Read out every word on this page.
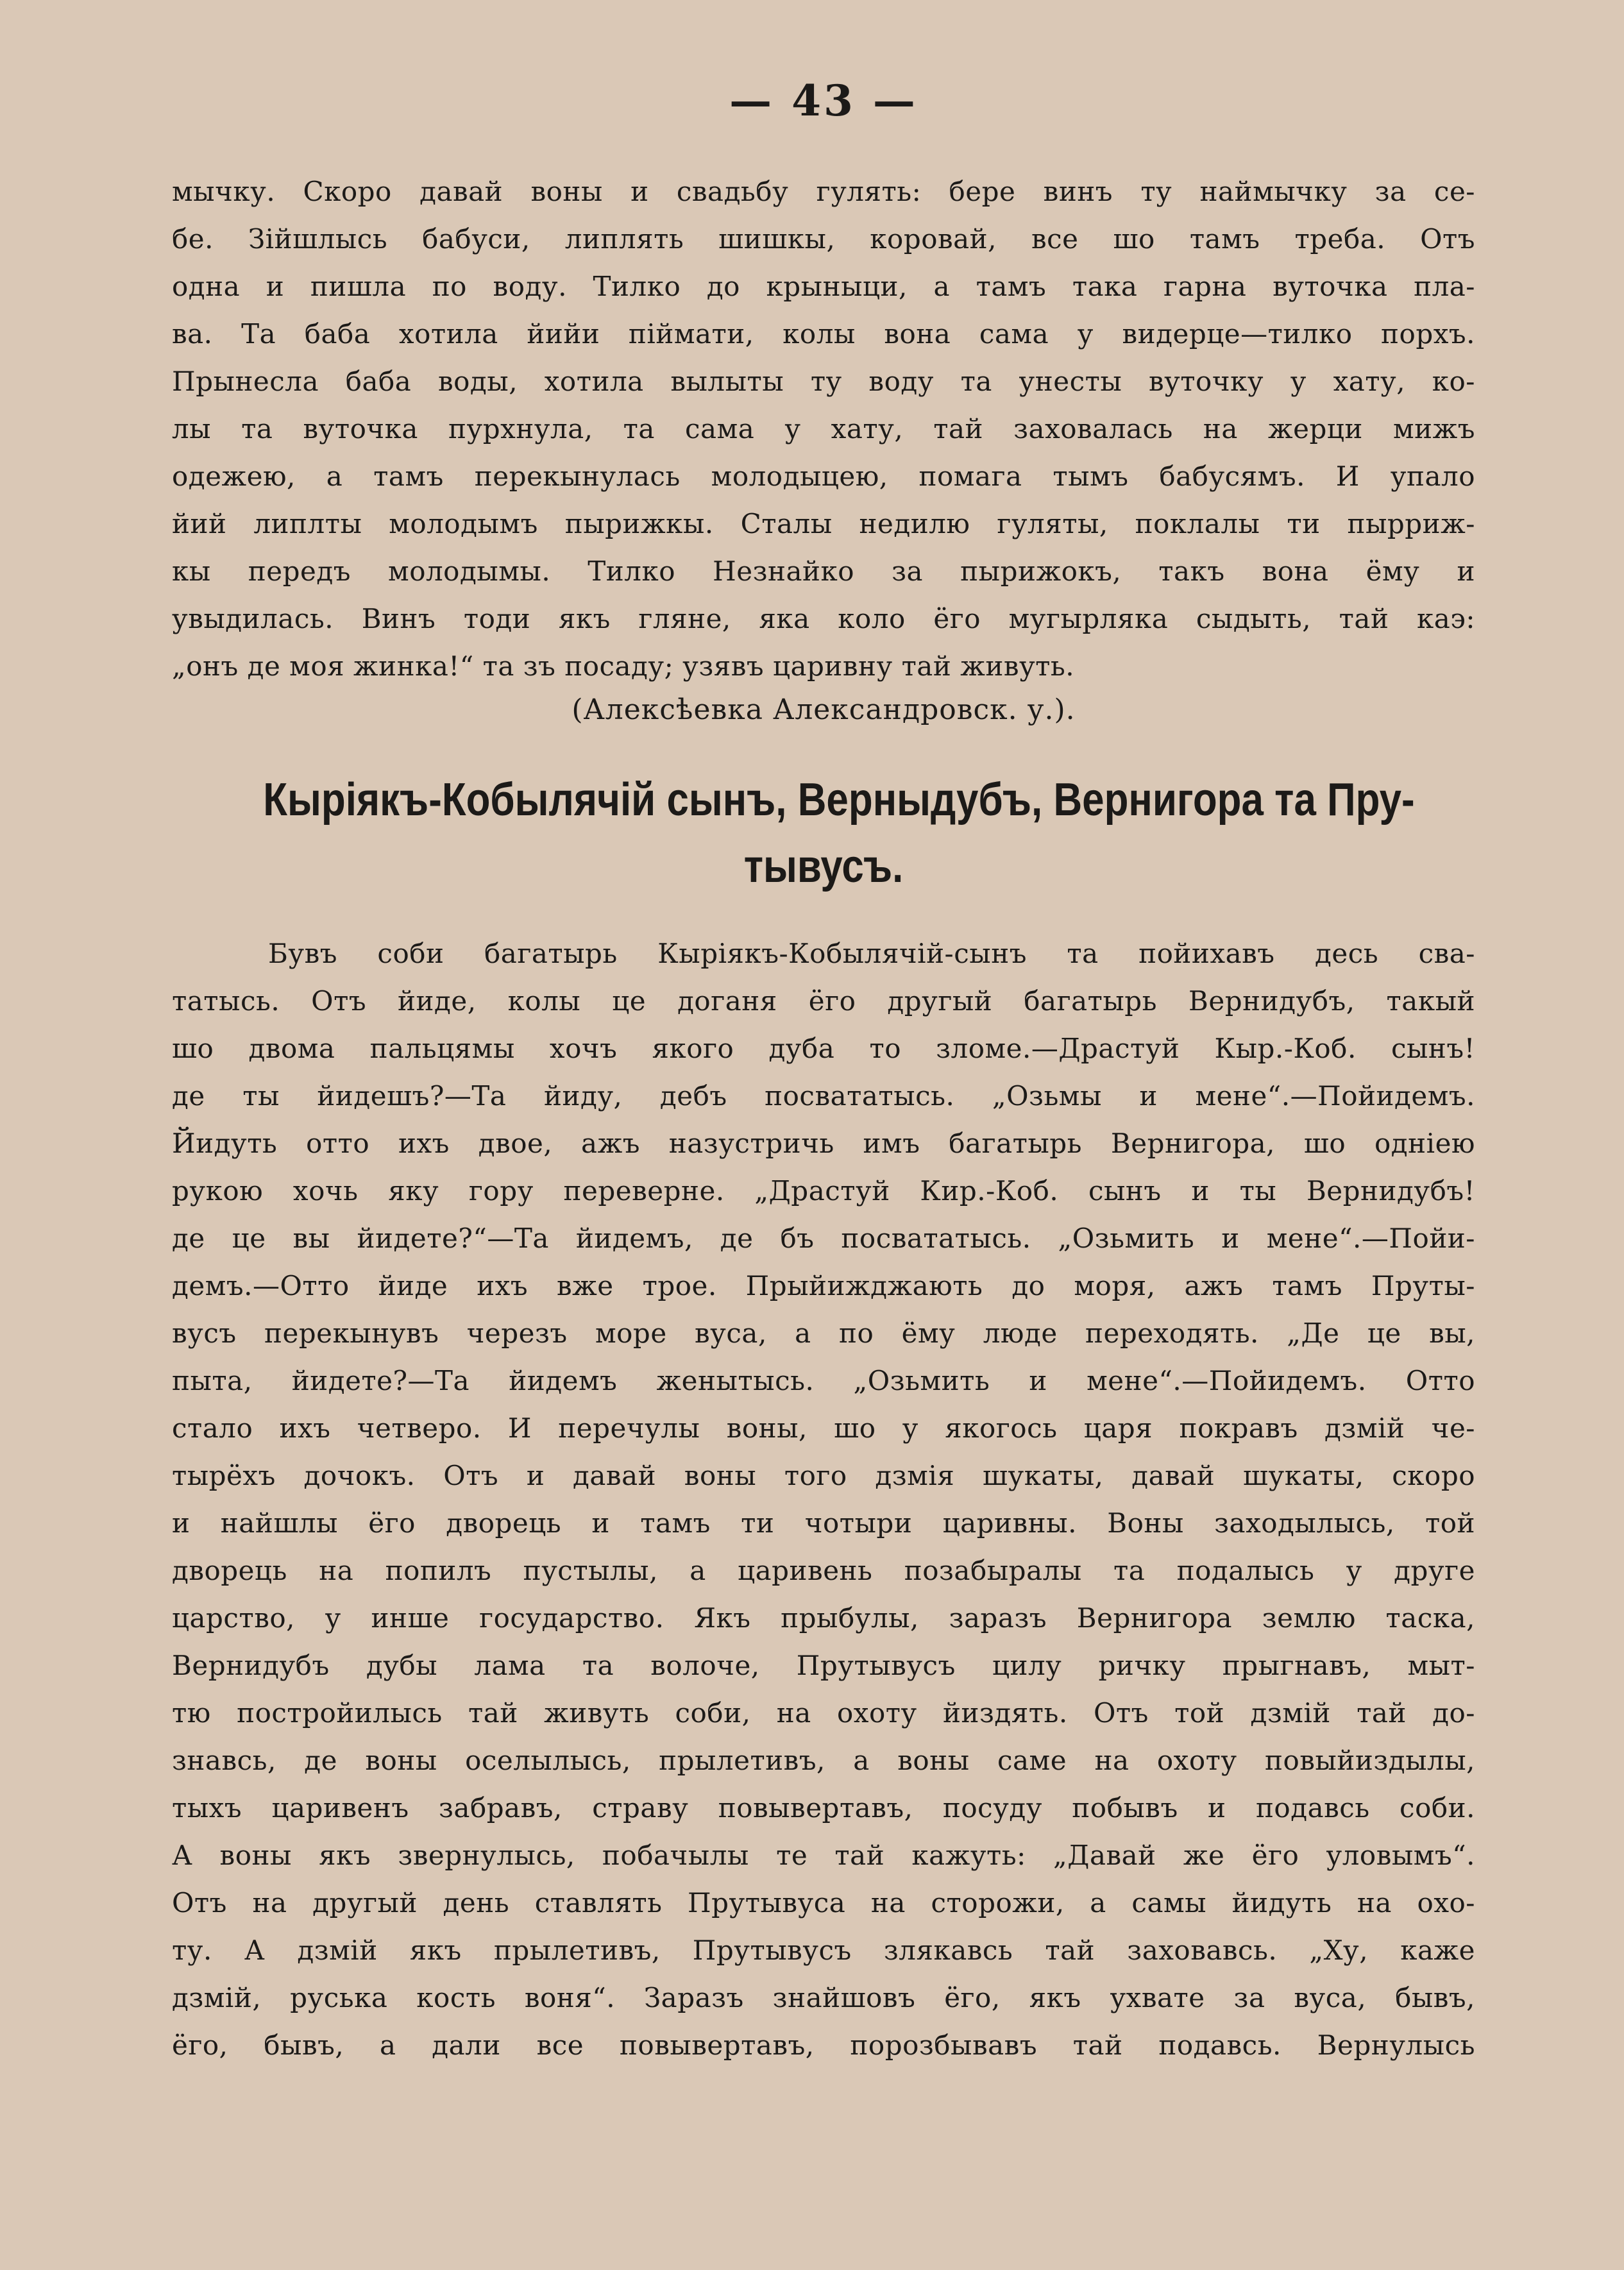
— 43 —
мычку. Скоро давай воны и свадьбу гулять: бере винъ ту наймычку за се-
бе. Зійшлысь бабуси, липлять шишкы, коровай, все шо тамъ треба. Отъ
одна и пишла по воду. Тилко до крыныци, а тамъ така гарна вуточка пла-
ва. Та баба хотила йийи піймати, колы вона сама у видерце—тилко порхъ.
Прынесла баба воды, хотила вылыты ту воду та унесты вуточку у хату, ко-
лы та вуточка пурхнула, та сама у хату, тай заховалась на жерци мижъ
одежею, а тамъ перекынулась молодыцею, помага тымъ бабусямъ. И упало
йий липлты молодымъ пырижкы. Сталы недилю гуляты, поклалы ти пырриж-
кы передъ молодымы. Тилко Незнайко за пырижокъ, такъ вона ёму и
увыдилась. Винъ тоди якъ гляне, яка коло ёго мугырляка сыдыть, тай каэ:
„онъ де моя жинка!“ та зъ посаду; узявъ царивну тай живуть.
(Алексѣевка Александровск. у.).
Кыріякъ-Кобылячій сынъ, Верныдубъ, Вернигора та Пру-
тывусъ.
Бувъ соби багатырь Кыріякъ-Кобылячій-сынъ та пойихавъ десь сва-
татысь. Отъ йиде, колы це доганя ёго другый багатырь Вернидубъ, такый
шо двома пальцямы хочъ якого дуба то зломе.—Драстуй Кыр.-Коб. сынъ!
де ты йидешъ?—Та йиду, дебъ посвататысь. „Озьмы и мене“.—Пойидемъ.
Йидуть отто ихъ двое, ажъ назустричь имъ багатырь Вернигора, шо одніею
рукою хочь яку гору переверне. „Драстуй Кир.-Коб. сынъ и ты Вернидубъ!
де це вы йидете?“—Та йидемъ, де бъ посвататысь. „Озьмить и мене“.—Пойи-
демъ.—Отто йиде ихъ вже трое. Прыйижджають до моря, ажъ тамъ Пруты-
вусъ перекынувъ черезъ море вуса, а по ёму люде переходять. „Де це вы,
пыта, йидете?—Та йидемъ женытысь. „Озьмить и мене“.—Пойидемъ. Отто
стало ихъ четверо. И перечулы воны, шо у якогось царя покравъ дзмій че-
тырёхъ дочокъ. Отъ и давай воны того дзмія шукаты, давай шукаты, скоро
и найшлы ёго дворець и тамъ ти чотыри царивны. Воны заходылысь, той
дворець на попилъ пустылы, а царивень позабыралы та подалысь у друге
царство, у инше государство. Якъ прыбулы, заразъ Вернигора землю таска,
Вернидубъ дубы лама та волоче, Прутывусъ цилу ричку прыгнавъ, мыт-
тю постройилысь тай живуть соби, на охоту йиздять. Отъ той дзмій тай до-
знавсь, де воны оселылысь, прылетивъ, а воны саме на охоту повыйиздылы,
тыхъ царивенъ забравъ, страву повывертавъ, посуду побывъ и подавсь соби.
А воны якъ звернулысь, побачылы те тай кажуть: „Давай же ёго уловымъ“.
Отъ на другый день ставлять Прутывуса на сторожи, а самы йидуть на охо-
ту. А дзмій якъ прылетивъ, Прутывусъ злякавсь тай заховавсь. „Ху, каже
дзмій, руська кость воня“. Заразъ знайшовъ ёго, якъ ухвате за вуса, бывъ,
ёго, бывъ, а дали все повывертавъ, порозбывавъ тай подавсь. Вернулысь
